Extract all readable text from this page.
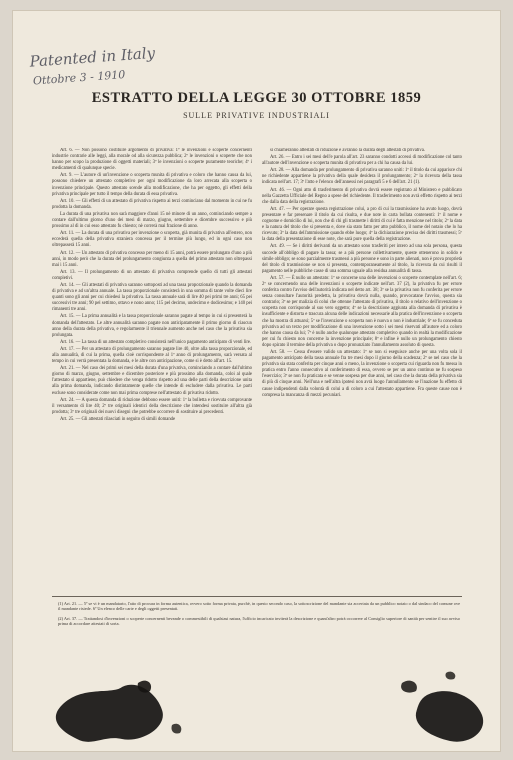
Patented in Italy
Ottobre 3 - 1910
ESTRATTO DELLA LEGGE 30 OTTOBRE 1859
SULLE PRIVATIVE INDUSTRIALI

Art. 6. — Non possono costituire argomento di privativa: 1º le invenzioni e scoperte concernenti industrie contrarie alle leggi, alla morale od alla sicurezza pubblica; 2º le invenzioni o scoperte che non hanno per scopo la produzione di oggetti materiali; 3º le invenzioni o scoperte puramente teoriche; 4º i medicamenti di qualunque specie.

Art. 9. — L'autore di un'invenzione o scoperta munita di privativa e coloro che hanno causa da lui, possono chiedere un attestato completivo per ogni modificazione da loro arrecata alla scoperta o invenzione principale. Questo attestato scende alla modificazione, che ha per oggetto, gli effetti della privativa principale per tutto il tempo della durata di essa privativa.

Art. 10. — Gli effetti di un attestato di privativa rispetto ai terzi cominciano dal momento in cui ne fu prodotta la domanda.

La durata di una privativa non sarà maggiore d'anni 15 nè minore di un anno, cominciando sempre a contare dall'ultimo giorno d'uno dei mesi di marzo, giugno, settembre e dicembre successivo e più prossimo al dì in cui esso attestato fu chiesto; nè correrà mai frazione di anno.

Art. 11. — La durata di una privativa per invenzione o scoperta, già munita di privativa all'estero, non eccederà quella della privativa straniera concessa per il termine più lungo, ed in ogni caso non oltrepasserà 15 anni.

Art. 12. — Un attestato di privativa concesso per meno di 15 anni, potrà essere prolungato d'uno a più anni, in modo però che la durata del prolungamento congiunta a quella del primo attestato non oltrepassi mai i 15 anni.

Art. 13. — Il prolungamento di un attestato di privativa comprende quello di tutti gli attestati completivi.

Art. 14. — Gli attestati di privativa saranno sottoposti ad una tassa proporzionale quando la domanda di privativa e ad un'altra annuale. La tassa proporzionale consisterà in una somma di tante volte dieci lire quanti sono gli anni per cui chiedesi la privativa. La tassa annuale sarà di lire 40 pei primi tre anni; 65 pei successivi tre anni; 90 pel settimo, ottavo e nono anno; 115 pel decimo, undecimo e dodicesimo; e 140 pei rimanenti tre anni.

Art. 15. — La prima annualità e la tassa proporzionale saranno pagate al tempo in cui si presenterà la domanda dell'attestato. Le altre annualità saranno pagate non anticipatamente il primo giorno di ciascun anno della durata della privativa, e regolarmente il triennale aumento anche nel caso che la privativa sia prolungata.

Art. 16. — La tassa di un attestato completivo consisterà nell'unico pagamento anticipato di venti lire.

Art. 17. — Per un attestato di prolungamento saranno pagate lire 40, oltre alla tassa proporzionale, ed alla annualità, di cui la prima, quella cioè corrispondente al 1º anno di prolungamento, sarà versata al tempo in cui verrà presentata la domanda, e le altre con anticipazione, come si è detto all'art. 15.

Art. 21. — Nel caso dei primi sei mesi della durata d'una privativa, cominciando a contare dall'ultimo giorno di marzo, giugno, settembre e dicembre posteriore e più prossimo alla domanda, coloi al quale l'attestato si appartiene, può chiedere che venga ridotto rispetto ad una delle parti della descrizione unita alla prima domanda, indicando distintamente quelle che intende di escludere dalla privativa. Le parti escluse sono considerate come non mai prima comprese nell'attestato di privativa ridotto.

Art. 24. — A questa domanda di riduzione debbono essere uniti: 1º la bolletta e ricevuta comprovante il versamento di lire 40; 2º tre originali identici della descrizione che intendesi sostituire all'altra già prodotta; 3º tre originali dei nuovi disegni che potrebbe occorrere di sostituire ai precedenti.

Art. 25. — Gli attestati rilasciati in seguito di simili domande

si chiameranno attestati di riduzione e avranno la durata degli attestati di privativa.

Art. 26. — Entro i sei mesi dell'e parola all'art. 23 saranno condotti accessi di modificazione col tanto all'autore dell'invenzione o scoperta munita di privativa per a chi ha causa da lui.

Art. 28. — Alla domanda per prolungamento di privativa saranno uniti: 1º il titolo da cui apparisce chi ne richiedente appartiene la privativa della quale desidera il prolungamento; 2º la ricevuta della tassa indicata nell'art. 17; 3º l'atto e l'elenco dell'annessi nei paragrafi 5 e 6 dell'art. 21 (1).

Art. 46. — Ogni atto di trasferimento di privativa dovrà essere registrato al Ministero e pubblicato nella Gazzetta Ufficiale del Regno a spese del richiedente. Il trasferimento non avrà effetto rispetto ai terzi che dalla data della registrazione.

Art. 47. — Per operare questa registrazione colui, a pro di cui la trasmissione ha avuto luogo, dovrà presentare e far presenare il titolo da cui risulta, e due note in carta bollata contenenti: 1º il nome e cognome e domicilio di lui, non che di chi gli trasmette i diritti di cui è fatta menzione nel titolo; 2º la data e la natura del titolo che si presenta e, dove sia stato fatto per atto pubblico, il nome del notaio che lo ha ricevuto; 3º la data dell'ammissione quando ebbe luogo; 4º la dichiarazione precisa dei diritti trasmessi; 5º la data della presentazione di esse note, che sarà pure quella della registrazione.

Art. 49. — Se i diritti derivanti da un attestato sono trasferiti per intero ad una sola persona, questa succede all'obbligo di pagare la tassa; se a più persone collettivamente, queste ottenerono in solido e simile obbligo; se sono parzialmente trasmessi a più persone e sono in parte alienati, non è prova proprietà del titolo di trasmissione se non si presenta, contemporaneamente al titolo, la ricevuta da cui risulti il pagamento nelle pubbliche casse di una somma uguale alla residua annualità di tassa.

Art. 57. — È nullo un attestato: 1º se concerne una delle invenzioni o scoperte contemplate nell'art. 6; 2º se concernendo una delle invenzioni o scoperte indicate nell'art. 37 (2), la privativa fu per errore conferita contro l'avviso dell'autorità indicata nel detto art. 38; 3º se la privativa non fu conferita per errore senza consultare l'autorità predetta, la privativa dovrà nulla, quando, provocatane l'avviso, questa sia contrario; 3º se per malizia di colui che ottenne l'attestato di privativa, il titolo o relativo dell'invenzione o scoperta non corrisponde al suo vero oggetto; 4º se la descrizione aggiunta alla domanda di privativa è insufficiente e distorta e trascura alcuna delle indicazioni necessarie alla pratica dell'invenzione o scoperta che ha mostra di attuarsi; 5º se l'invenzione o scoperta non è nuova o non è industriale; 6º se fu conceduta privativa ad un terzo per modificazione di una invenzione sotto i sei mesi riservati all'autore ed a coloro che hanno causa da lui; 7º è nullo anche qualunque attestato completivo quando in realtà la modificazione per cui fu chiesto non concerne la invenzione principale; 8º e infine è nullo un prolungamento chiesto dopo spirato il termine della privativa o dopo pronunziato l'annullamento assoluto di questa.

Art. 58. — Cessa d'essere valido un attestato: 1º se non si eseguisce anche per una volta sola il pagamento anticipato della tassa annuale fra tre mesi dopo il giorno della scadenza; 2º se nel caso che la privativa sia stata conferita per cinque anni o meno, la invenzione o scoperta cui riguarda non fu messa in pratica entro l'anno consecutivo al conferimento di essa, ovvero se per un anno continuo ne fu sospeso l'esercizio; 3º se non fu praticata e se venne sospesa per due anni, nel caso che la durata della privativa sia di più di cinque anni. Nell'una e nell'altra ipotesi non avrà luogo l'annullamento se l'inazione fu effetto di cause indipendenti dalla volontà di colui a di coloro a cui l'attestato appartiene. Fra queste cause non è compresa la mancanza di mezzi pecuniari.

(1) Art. 21. — 5º se vi è un mandatario, l'atto di procura in forma autentica, ovvero sotto forma privata, purchè, in questo secondo caso, la sottoscrizione del mandante sia accertata da un pubblico notaio o dal sindaco del comune ove il mandante risiede. 6º Un elenco delle carte e degli oggetti presentati.
(2) Art. 37. — Trattandosi d'invenzioni o scoperte concernenti bevande o commestibili di qualsiasi natura, l'ufficio incaricato inviterà la descrizione e quant'altro potrà occorrere al Consiglio superiore di sanità per sentire il suo avviso prima di accordare attestati di sorta.
